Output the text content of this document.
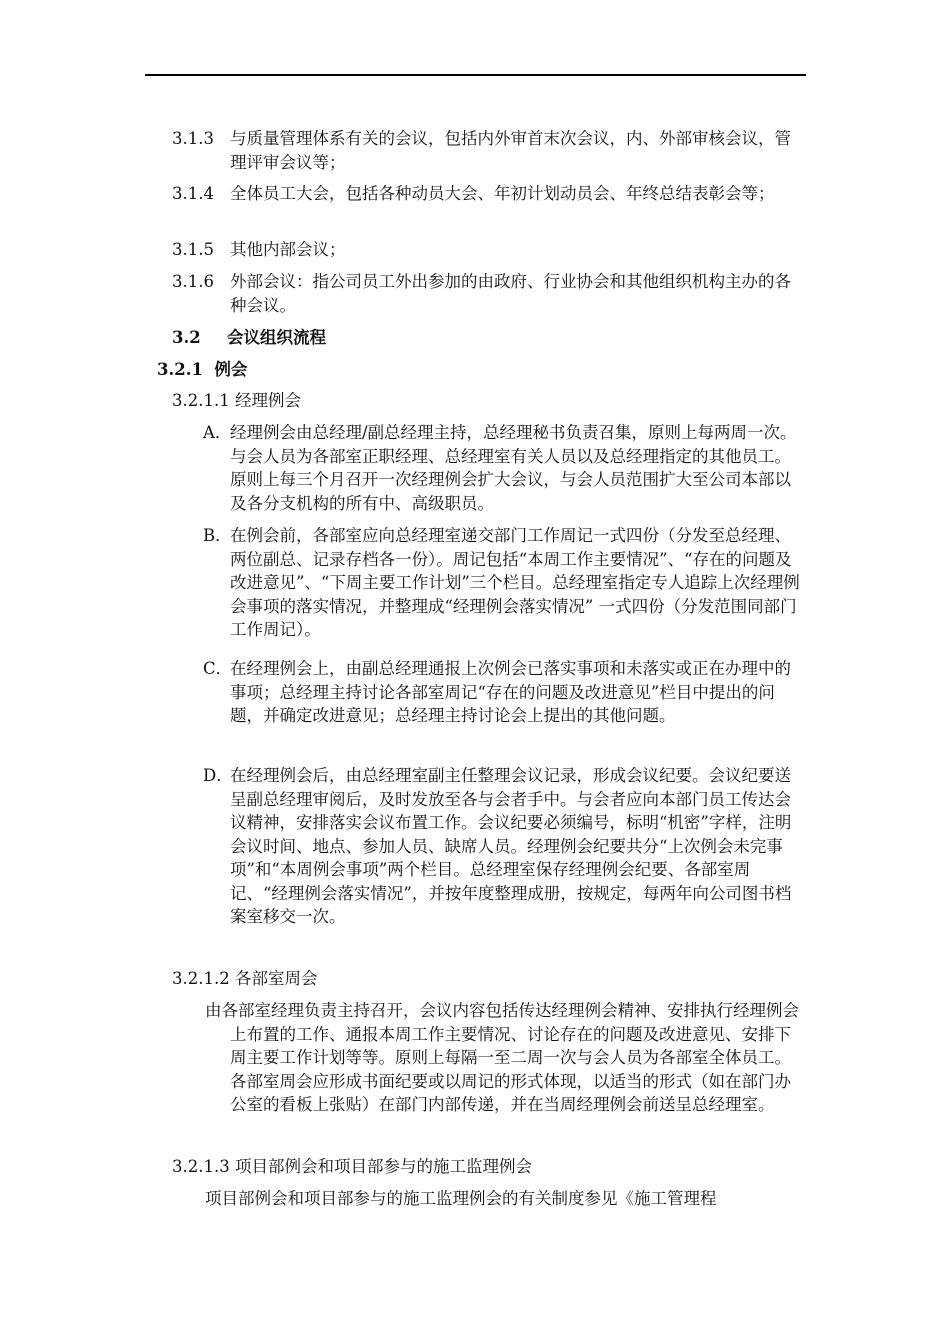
3.1.3 与质量管理体系有关的会议，包括内外审首末次会议，内、外部审核会议，管理评审会议等；
3.1.4 全体员工大会，包括各种动员大会、年初计划动员会、年终总结表彰会等；
3.1.5 其他内部会议；
3.1.6 外部会议：指公司员工外出参加的由政府、行业协会和其他组织机构主办的各种会议。
3.2 会议组织流程
3.2.1  例会
3.2.1.1 经理例会
A．
经理例会由总经理/副总经理主持，总经理秘书负责召集，原则上每两周一次。与会人员为各部室正职经理、总经理室有关人员以及总经理指定的其他员工。原则上每三个月召开一次经理例会扩大会议，与会人员范围扩大至公司本部以及各分支机构的所有中、高级职员。
B．
在例会前，各部室应向总经理室递交部门工作周记一式四份（分发至总经理、两位副总、记录存档各一份）。周记包括“本周工作主要情况”、“存在的问题及改进意见”、“下周主要工作计划”三个栏目。总经理室指定专人追踪上次经理例会事项的落实情况，并整理成“经理例会落实情况” 一式四份（分发范围同部门工作周记）。
C．
在经理例会上，由副总经理通报上次例会已落实事项和未落实或正在办理中的事项；总经理主持讨论各部室周记“存在的问题及改进意见”栏目中提出的问题，并确定改进意见；总经理主持讨论会上提出的其他问题。
D．
在经理例会后，由总经理室副主任整理会议记录，形成会议纪要。会议纪要送呈副总经理审阅后，及时发放至各与会者手中。与会者应向本部门员工传达会议精神，安排落实会议布置工作。会议纪要必须编号，标明“机密”字样，注明会议时间、地点、参加人员、缺席人员。经理例会纪要共分“上次例会未完事项”和“本周例会事项”两个栏目。总经理室保存经理例会纪要、各部室周记、“经理例会落实情况”，并按年度整理成册，按规定，每两年向公司图书档案室移交一次。
3.2.1.2 各部室周会
由各部室经理负责主持召开，会议内容包括传达经理例会精神、安排执行经理例会上布置的工作、通报本周工作主要情况、讨论存在的问题及改进意见、安排下周主要工作计划等等。原则上每隔一至二周一次与会人员为各部室全体员工。各部室周会应形成书面纪要或以周记的形式体现，以适当的形式（如在部门办公室的看板上张贴）在部门内部传递，并在当周经理例会前送呈总经理室。
3.2.1.3 项目部例会和项目部参与的施工监理例会
项目部例会和项目部参与的施工监理例会的有关制度参见《施工管理程
